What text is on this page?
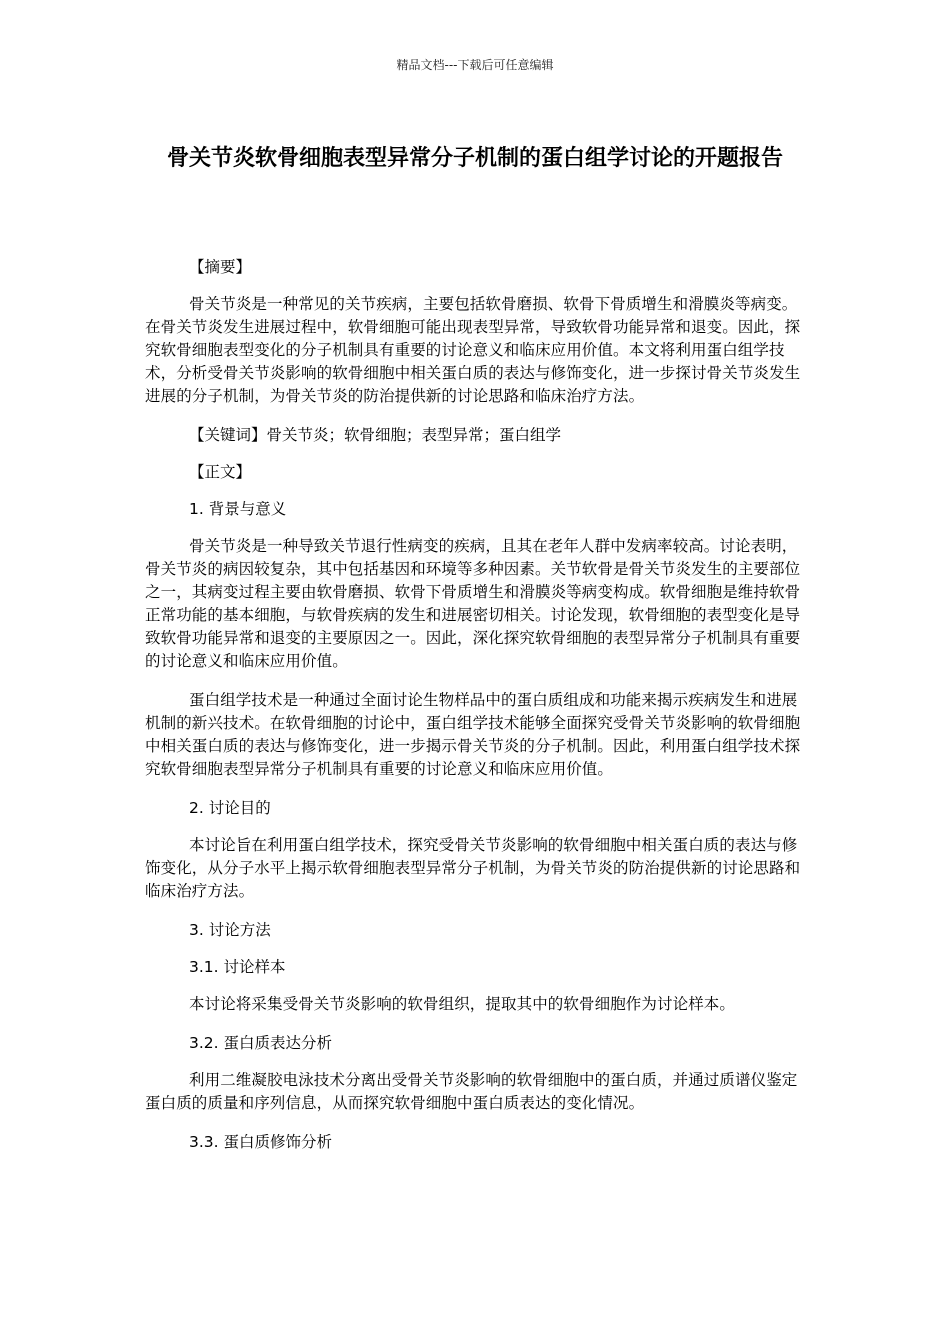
精品文档---下载后可任意编辑
骨关节炎软骨细胞表型异常分子机制的蛋白组学讨论的开题报告

【摘要】

骨关节炎是一种常见的关节疾病，主要包括软骨磨损、软骨下骨质增生和滑膜炎等病变。在骨关节炎发生进展过程中，软骨细胞可能出现表型异常，导致软骨功能异常和退变。因此，探究软骨细胞表型变化的分子机制具有重要的讨论意义和临床应用价值。本文将利用蛋白组学技术，分析受骨关节炎影响的软骨细胞中相关蛋白质的表达与修饰变化，进一步探讨骨关节炎发生进展的分子机制，为骨关节炎的防治提供新的讨论思路和临床治疗方法。

【关键词】骨关节炎；软骨细胞；表型异常；蛋白组学

【正文】

1. 背景与意义

骨关节炎是一种导致关节退行性病变的疾病，且其在老年人群中发病率较高。讨论表明，骨关节炎的病因较复杂，其中包括基因和环境等多种因素。关节软骨是骨关节炎发生的主要部位之一，其病变过程主要由软骨磨损、软骨下骨质增生和滑膜炎等病变构成。软骨细胞是维持软骨正常功能的基本细胞，与软骨疾病的发生和进展密切相关。讨论发现，软骨细胞的表型变化是导致软骨功能异常和退变的主要原因之一。因此，深化探究软骨细胞的表型异常分子机制具有重要的讨论意义和临床应用价值。

蛋白组学技术是一种通过全面讨论生物样品中的蛋白质组成和功能来揭示疾病发生和进展机制的新兴技术。在软骨细胞的讨论中，蛋白组学技术能够全面探究受骨关节炎影响的软骨细胞中相关蛋白质的表达与修饰变化，进一步揭示骨关节炎的分子机制。因此，利用蛋白组学技术探究软骨细胞表型异常分子机制具有重要的讨论意义和临床应用价值。

2. 讨论目的

本讨论旨在利用蛋白组学技术，探究受骨关节炎影响的软骨细胞中相关蛋白质的表达与修饰变化，从分子水平上揭示软骨细胞表型异常分子机制，为骨关节炎的防治提供新的讨论思路和临床治疗方法。

3. 讨论方法

3.1. 讨论样本

本讨论将采集受骨关节炎影响的软骨组织，提取其中的软骨细胞作为讨论样本。

3.2. 蛋白质表达分析

利用二维凝胶电泳技术分离出受骨关节炎影响的软骨细胞中的蛋白质，并通过质谱仪鉴定蛋白质的质量和序列信息，从而探究软骨细胞中蛋白质表达的变化情况。

3.3. 蛋白质修饰分析
